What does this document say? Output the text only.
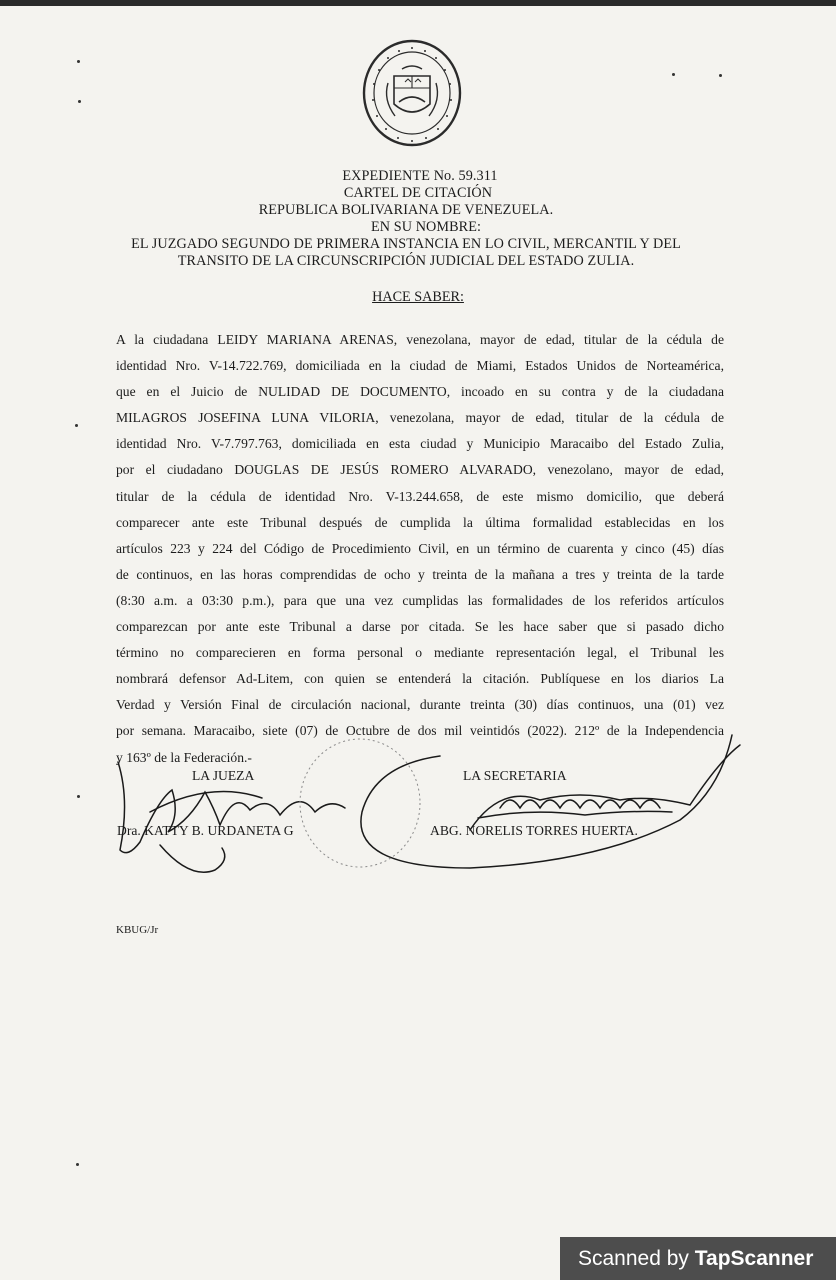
EXPEDIENTE No. 59.311
CARTEL DE CITACIÓN
REPUBLICA BOLIVARIANA DE VENEZUELA.
EN SU NOMBRE:
EL JUZGADO SEGUNDO DE PRIMERA INSTANCIA EN LO CIVIL, MERCANTIL Y DEL
TRANSITO DE LA CIRCUNSCRIPCIÓN JUDICIAL DEL ESTADO ZULIA.
HACE SABER:
A la ciudadana LEIDY MARIANA ARENAS, venezolana, mayor de edad, titular de la cédula de
identidad Nro. V-14.722.769, domiciliada en la ciudad de Miami, Estados Unidos de Norteamérica,
que en el Juicio de NULIDAD DE DOCUMENTO, incoado en su contra y de la ciudadana
MILAGROS JOSEFINA LUNA VILORIA, venezolana, mayor de edad, titular de la cédula de
identidad Nro. V-7.797.763, domiciliada en esta ciudad y Municipio Maracaibo del Estado Zulia,
por el ciudadano DOUGLAS DE JESÚS ROMERO ALVARADO, venezolano, mayor de edad,
titular de la cédula de identidad Nro. V-13.244.658, de este mismo domicilio, que deberá
comparecer ante este Tribunal después de cumplida la última formalidad establecidas en los
artículos 223 y 224 del Código de Procedimiento Civil, en un término de cuarenta y cinco (45) días
de continuos, en las horas comprendidas de ocho y treinta de la mañana a tres y treinta de la tarde
(8:30 a.m. a 03:30 p.m.), para que una vez cumplidas las formalidades de los referidos artículos
comparezcan por ante este Tribunal a darse por citada. Se les hace saber que si pasado dicho
término no comparecieren en forma personal o mediante representación legal, el Tribunal les
nombrará defensor Ad-Litem, con quien se entenderá la citación. Publíquese en los diarios La
Verdad y Versión Final de circulación nacional, durante treinta (30) días continuos, una (01) vez
por semana. Maracaibo, siete (07) de Octubre de dos mil veintidós (2022). 212º de la Independencia
y 163º de la Federación.-
LA JUEZA
Dra. KATTY B. URDANETA G
LA SECRETARIA
ABG. NORELIS TORRES HUERTA.
KBUG/Jr
Scanned by TapScanner
